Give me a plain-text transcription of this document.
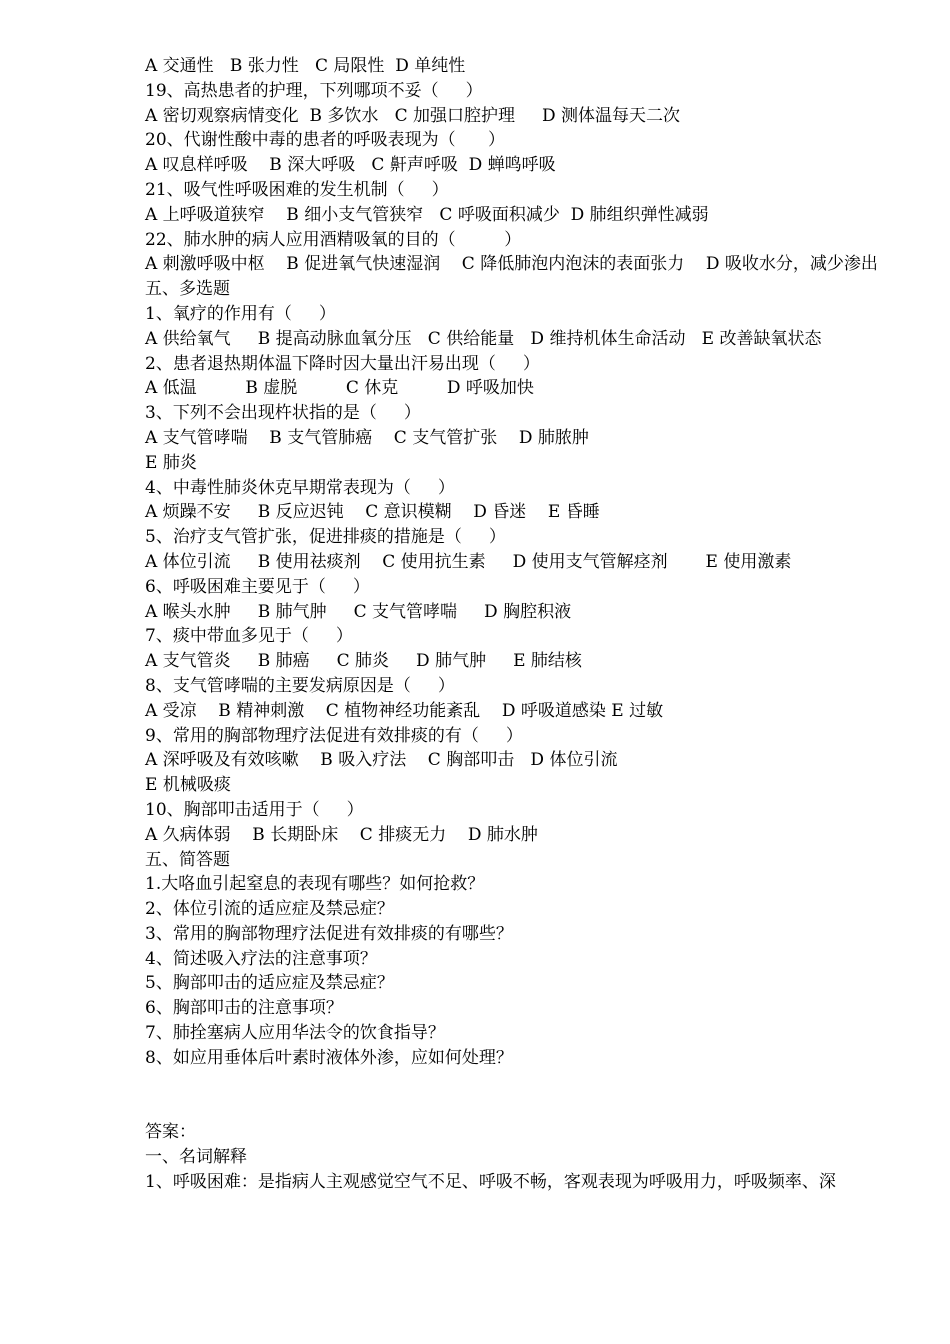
A 交通性   B 张力性   C 局限性  D 单纯性
19、高热患者的护理，下列哪项不妥（     ）
A 密切观察病情变化  B 多饮水   C 加强口腔护理     D 测体温每天二次
20、代谢性酸中毒的患者的呼吸表现为（      ）
A 叹息样呼吸    B 深大呼吸   C 鼾声呼吸  D 蝉鸣呼吸
21、吸气性呼吸困难的发生机制（     ）
A 上呼吸道狭窄    B 细小支气管狭窄   C 呼吸面积减少  D 肺组织弹性减弱
22、肺水肿的病人应用酒精吸氧的目的（         ）
A 刺激呼吸中枢    B 促进氧气快速湿润    C 降低肺泡内泡沫的表面张力    D 吸收水分，减少渗出
五、多选题
1、氧疗的作用有（     ）
A 供给氧气     B 提高动脉血氧分压   C 供给能量   D 维持机体生命活动   E 改善缺氧状态
2、患者退热期体温下降时因大量出汗易出现（     ）
A 低温         B 虚脱         C 休克         D 呼吸加快
3、下列不会出现杵状指的是（     ）
A 支气管哮喘    B 支气管肺癌    C 支气管扩张    D 肺脓肿
E 肺炎
4、中毒性肺炎休克早期常表现为（     ）
A 烦躁不安     B 反应迟钝    C 意识模糊    D 昏迷    E 昏睡
5、治疗支气管扩张，促进排痰的措施是（     ）
A 体位引流     B 使用祛痰剂    C 使用抗生素     D 使用支气管解痉剂       E 使用激素
6、呼吸困难主要见于（     ）
A 喉头水肿     B 肺气肿     C 支气管哮喘     D 胸腔积液
7、痰中带血多见于（     ）
A 支气管炎     B 肺癌     C 肺炎     D 肺气肿     E 肺结核
8、支气管哮喘的主要发病原因是（     ）
A 受凉    B 精神刺激    C 植物神经功能紊乱    D 呼吸道感染 E 过敏
9、常用的胸部物理疗法促进有效排痰的有（     ）
A 深呼吸及有效咳嗽    B 吸入疗法    C 胸部叩击   D 体位引流
E 机械吸痰
10、胸部叩击适用于（     ）
A 久病体弱    B 长期卧床    C 排痰无力    D 肺水肿
五、简答题
1.大咯血引起窒息的表现有哪些？如何抢救？
2、体位引流的适应症及禁忌症？
3、常用的胸部物理疗法促进有效排痰的有哪些？
4、简述吸入疗法的注意事项？
5、胸部叩击的适应症及禁忌症？
6、胸部叩击的注意事项？
7、肺拴塞病人应用华法令的饮食指导？
8、如应用垂体后叶素时液体外渗，应如何处理？
答案：
一、名词解释
1、呼吸困难：是指病人主观感觉空气不足、呼吸不畅，客观表现为呼吸用力，呼吸频率、深
